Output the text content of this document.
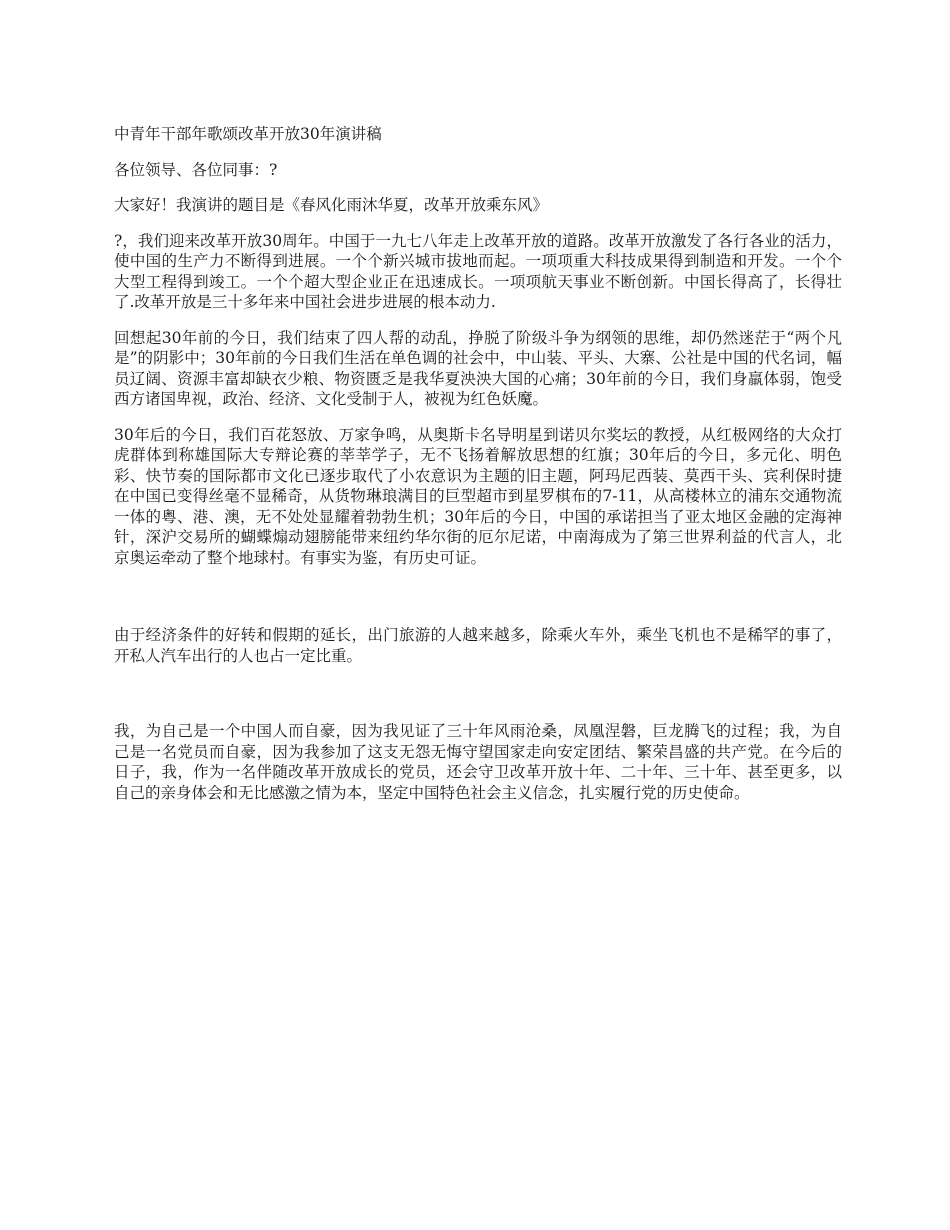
中青年干部年歌颂改革开放30年演讲稿

各位领导、各位同事：?

大家好！我演讲的题目是《春风化雨沐华夏，改革开放乘东风》

?，我们迎来改革开放30周年。中国于一九七八年走上改革开放的道路。改革开放激发了各行各业的活力，使中国的生产力不断得到进展。一个个新兴城市拔地而起。一项项重大科技成果得到制造和开发。一个个大型工程得到竣工。一个个超大型企业正在迅速成长。一项项航天事业不断创新。中国长得高了，长得壮了.改革开放是三十多年来中国社会进步进展的根本动力.

回想起30年前的今日，我们结束了四人帮的动乱，挣脱了阶级斗争为纲领的思维，却仍然迷茫于“两个凡是”的阴影中；30年前的今日我们生活在单色调的社会中，中山装、平头、大寨、公社是中国的代名词，幅员辽阔、资源丰富却缺衣少粮、物资匮乏是我华夏泱泱大国的心痛；30年前的今日，我们身羸体弱，饱受西方诸国卑视，政治、经济、文化受制于人，被视为红色妖魔。

30年后的今日，我们百花怒放、万家争鸣，从奥斯卡名导明星到诺贝尔奖坛的教授，从红极网络的大众打虎群体到称雄国际大专辩论赛的莘莘学子，无不飞扬着解放思想的红旗；30年后的今日，多元化、明色彩、快节奏的国际都市文化已逐步取代了小农意识为主题的旧主题，阿玛尼西装、莫西干头、宾利保时捷在中国已变得丝毫不显稀奇，从货物琳琅满目的巨型超市到星罗棋布的7-11，从高楼林立的浦东交通物流一体的粤、港、澳，无不处处显耀着勃勃生机；30年后的今日，中国的承诺担当了亚太地区金融的定海神针，深沪交易所的蝴蝶煽动翅膀能带来纽约华尔街的厄尔尼诺，中南海成为了第三世界利益的代言人，北京奥运牵动了整个地球村。有事实为鉴，有历史可证。

由于经济条件的好转和假期的延长，出门旅游的人越来越多，除乘火车外，乘坐飞机也不是稀罕的事了，开私人汽车出行的人也占一定比重。

我，为自己是一个中国人而自豪，因为我见证了三十年风雨沧桑，凤凰涅磐，巨龙腾飞的过程；我，为自己是一名党员而自豪，因为我参加了这支无怨无悔守望国家走向安定团结、繁荣昌盛的共产党。在今后的日子，我，作为一名伴随改革开放成长的党员，还会守卫改革开放十年、二十年、三十年、甚至更多，以自己的亲身体会和无比感激之情为本，坚定中国特色社会主义信念，扎实履行党的历史使命。
